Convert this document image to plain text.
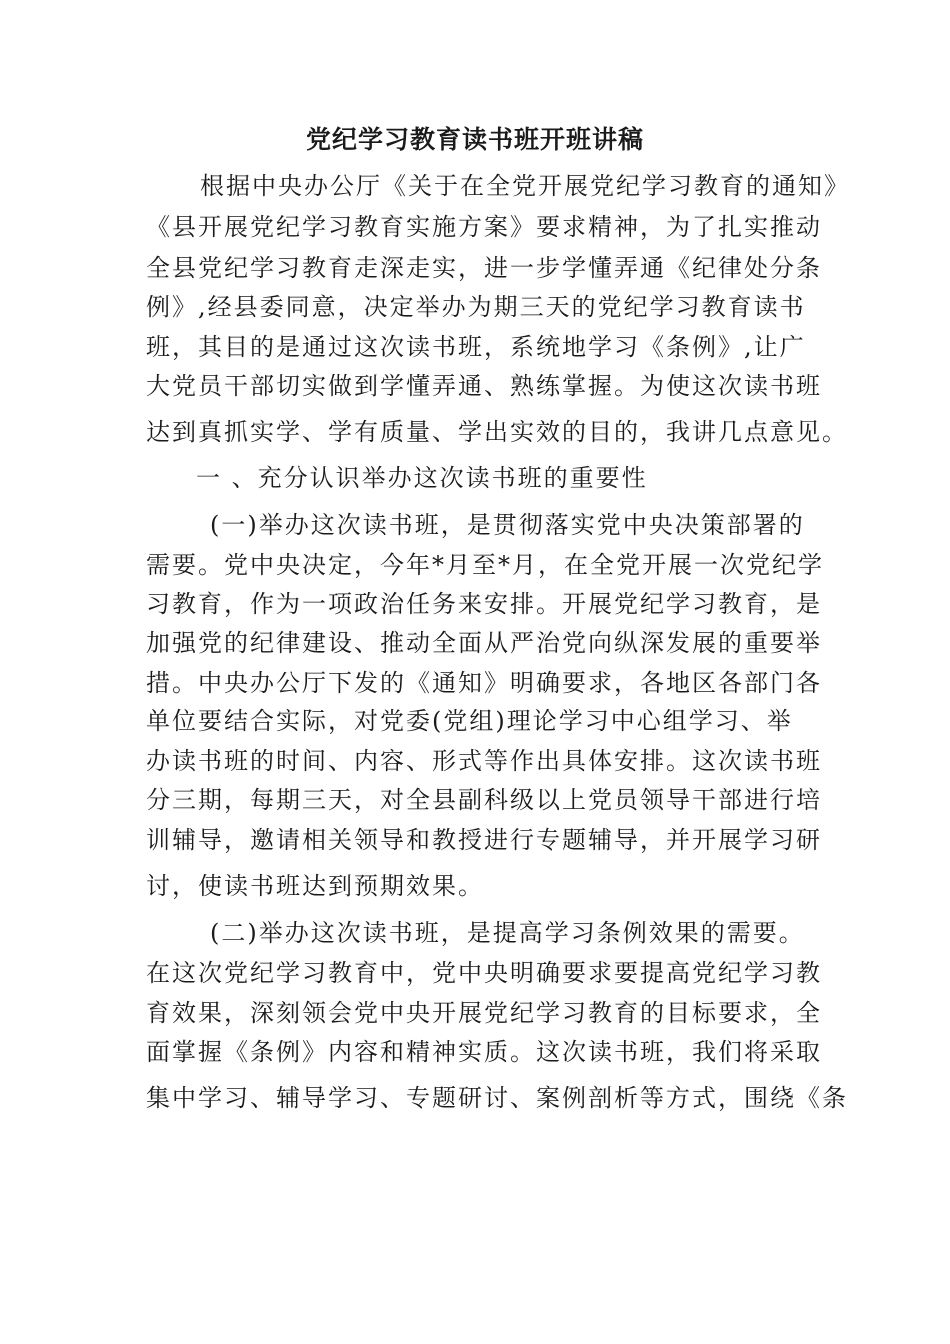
党纪学习教育读书班开班讲稿
根据中央办公厅《关于在全党开展党纪学习教育的通知》
《县开展党纪学习教育实施方案》要求精神，为了扎实推动
全县党纪学习教育走深走实，进一步学懂弄通《纪律处分条
例》,经县委同意，决定举办为期三天的党纪学习教育读书
班，其目的是通过这次读书班，系统地学习《条例》,让广
大党员干部切实做到学懂弄通、熟练掌握。为使这次读书班
达到真抓实学、学有质量、学出实效的目的，我讲几点意见。
一 、充分认识举办这次读书班的重要性
(一)举办这次读书班，是贯彻落实党中央决策部署的
需要。党中央决定，今年*月至*月，在全党开展一次党纪学
习教育，作为一项政治任务来安排。开展党纪学习教育，是
加强党的纪律建设、推动全面从严治党向纵深发展的重要举
措。中央办公厅下发的《通知》明确要求，各地区各部门各
单位要结合实际，对党委(党组)理论学习中心组学习、举
办读书班的时间、内容、形式等作出具体安排。这次读书班
分三期，每期三天，对全县副科级以上党员领导干部进行培
训辅导，邀请相关领导和教授进行专题辅导，并开展学习研
讨，使读书班达到预期效果。
(二)举办这次读书班，是提高学习条例效果的需要。
在这次党纪学习教育中，党中央明确要求要提高党纪学习教
育效果，深刻领会党中央开展党纪学习教育的目标要求，全
面掌握《条例》内容和精神实质。这次读书班，我们将采取
集中学习、辅导学习、专题研讨、案例剖析等方式，围绕《条
